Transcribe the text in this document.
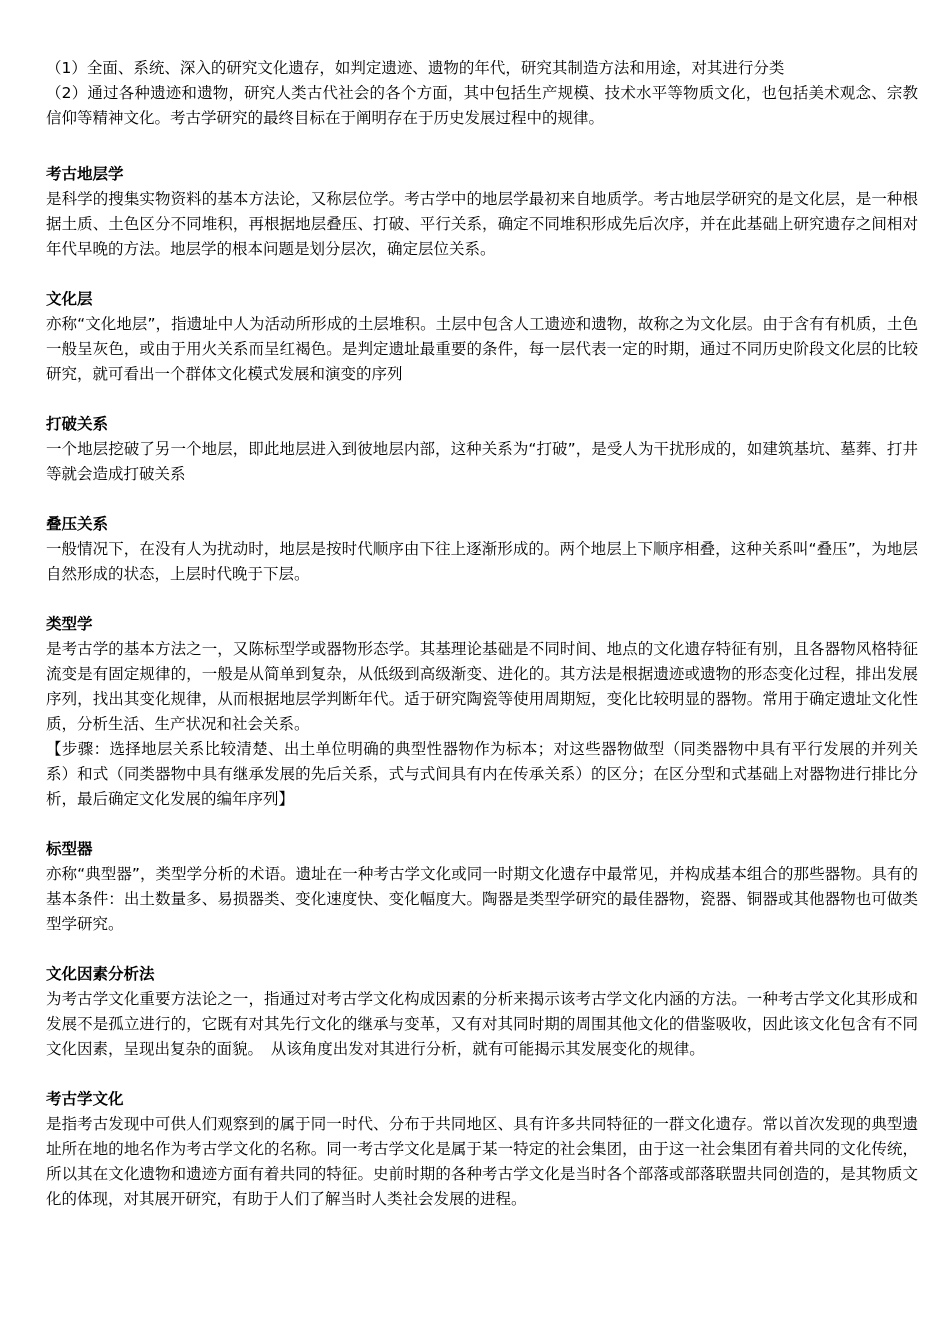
（1）全面、系统、深入的研究文化遗存，如判定遗迹、遗物的年代，研究其制造方法和用途，对其进行分类

（2）通过各种遗迹和遗物，研究人类古代社会的各个方面，其中包括生产规模、技术水平等物质文化，也包括美术观念、宗教信仰等精神文化。考古学研究的最终目标在于阐明存在于历史发展过程中的规律。

考古地层学

是科学的搜集实物资料的基本方法论，又称层位学。考古学中的地层学最初来自地质学。考古地层学研究的是文化层，是一种根据土质、土色区分不同堆积，再根据地层叠压、打破、平行关系，确定不同堆积形成先后次序，并在此基础上研究遗存之间相对年代早晚的方法。地层学的根本问题是划分层次，确定层位关系。

文化层

亦称“文化地层”，指遗址中人为活动所形成的土层堆积。土层中包含人工遗迹和遗物，故称之为文化层。由于含有有机质，土色一般呈灰色，或由于用火关系而呈红褐色。是判定遗址最重要的条件，每一层代表一定的时期，通过不同历史阶段文化层的比较研究，就可看出一个群体文化模式发展和演变的序列

打破关系

一个地层挖破了另一个地层，即此地层进入到彼地层内部，这种关系为“打破”，是受人为干扰形成的，如建筑基坑、墓葬、打井等就会造成打破关系

叠压关系

一般情况下，在没有人为扰动时，地层是按时代顺序由下往上逐渐形成的。两个地层上下顺序相叠，这种关系叫“叠压”，为地层自然形成的状态，上层时代晚于下层。

类型学

是考古学的基本方法之一，又陈标型学或器物形态学。其基理论基础是不同时间、地点的文化遗存特征有别，且各器物风格特征流变是有固定规律的，一般是从简单到复杂，从低级到高级渐变、进化的。其方法是根据遗迹或遗物的形态变化过程，排出发展序列，找出其变化规律，从而根据地层学判断年代。适于研究陶瓷等使用周期短，变化比较明显的器物。常用于确定遗址文化性质，分析生活、生产状况和社会关系。

【步骤：选择地层关系比较清楚、出土单位明确的典型性器物作为标本；对这些器物做型（同类器物中具有平行发展的并列关系）和式（同类器物中具有继承发展的先后关系，式与式间具有内在传承关系）的区分；在区分型和式基础上对器物进行排比分析，最后确定文化发展的编年序列】

标型器

亦称“典型器”，类型学分析的术语。遗址在一种考古学文化或同一时期文化遗存中最常见，并构成基本组合的那些器物。具有的基本条件：出土数量多、易损器类、变化速度快、变化幅度大。陶器是类型学研究的最佳器物，瓷器、铜器或其他器物也可做类型学研究。

文化因素分析法

为考古学文化重要方法论之一，指通过对考古学文化构成因素的分析来揭示该考古学文化内涵的方法。一种考古学文化其形成和发展不是孤立进行的，它既有对其先行文化的继承与变革，又有对其同时期的周围其他文化的借鉴吸收，因此该文化包含有不同文化因素，呈现出复杂的面貌。　从该角度出发对其进行分析，就有可能揭示其发展变化的规律。

考古学文化

是指考古发现中可供人们观察到的属于同一时代、分布于共同地区、具有许多共同特征的一群文化遗存。常以首次发现的典型遗址所在地的地名作为考古学文化的名称。同一考古学文化是属于某一特定的社会集团，由于这一社会集团有着共同的文化传统，所以其在文化遗物和遗迹方面有着共同的特征。史前时期的各种考古学文化是当时各个部落或部落联盟共同创造的，是其物质文化的体现，对其展开研究，有助于人们了解当时人类社会发展的进程。
